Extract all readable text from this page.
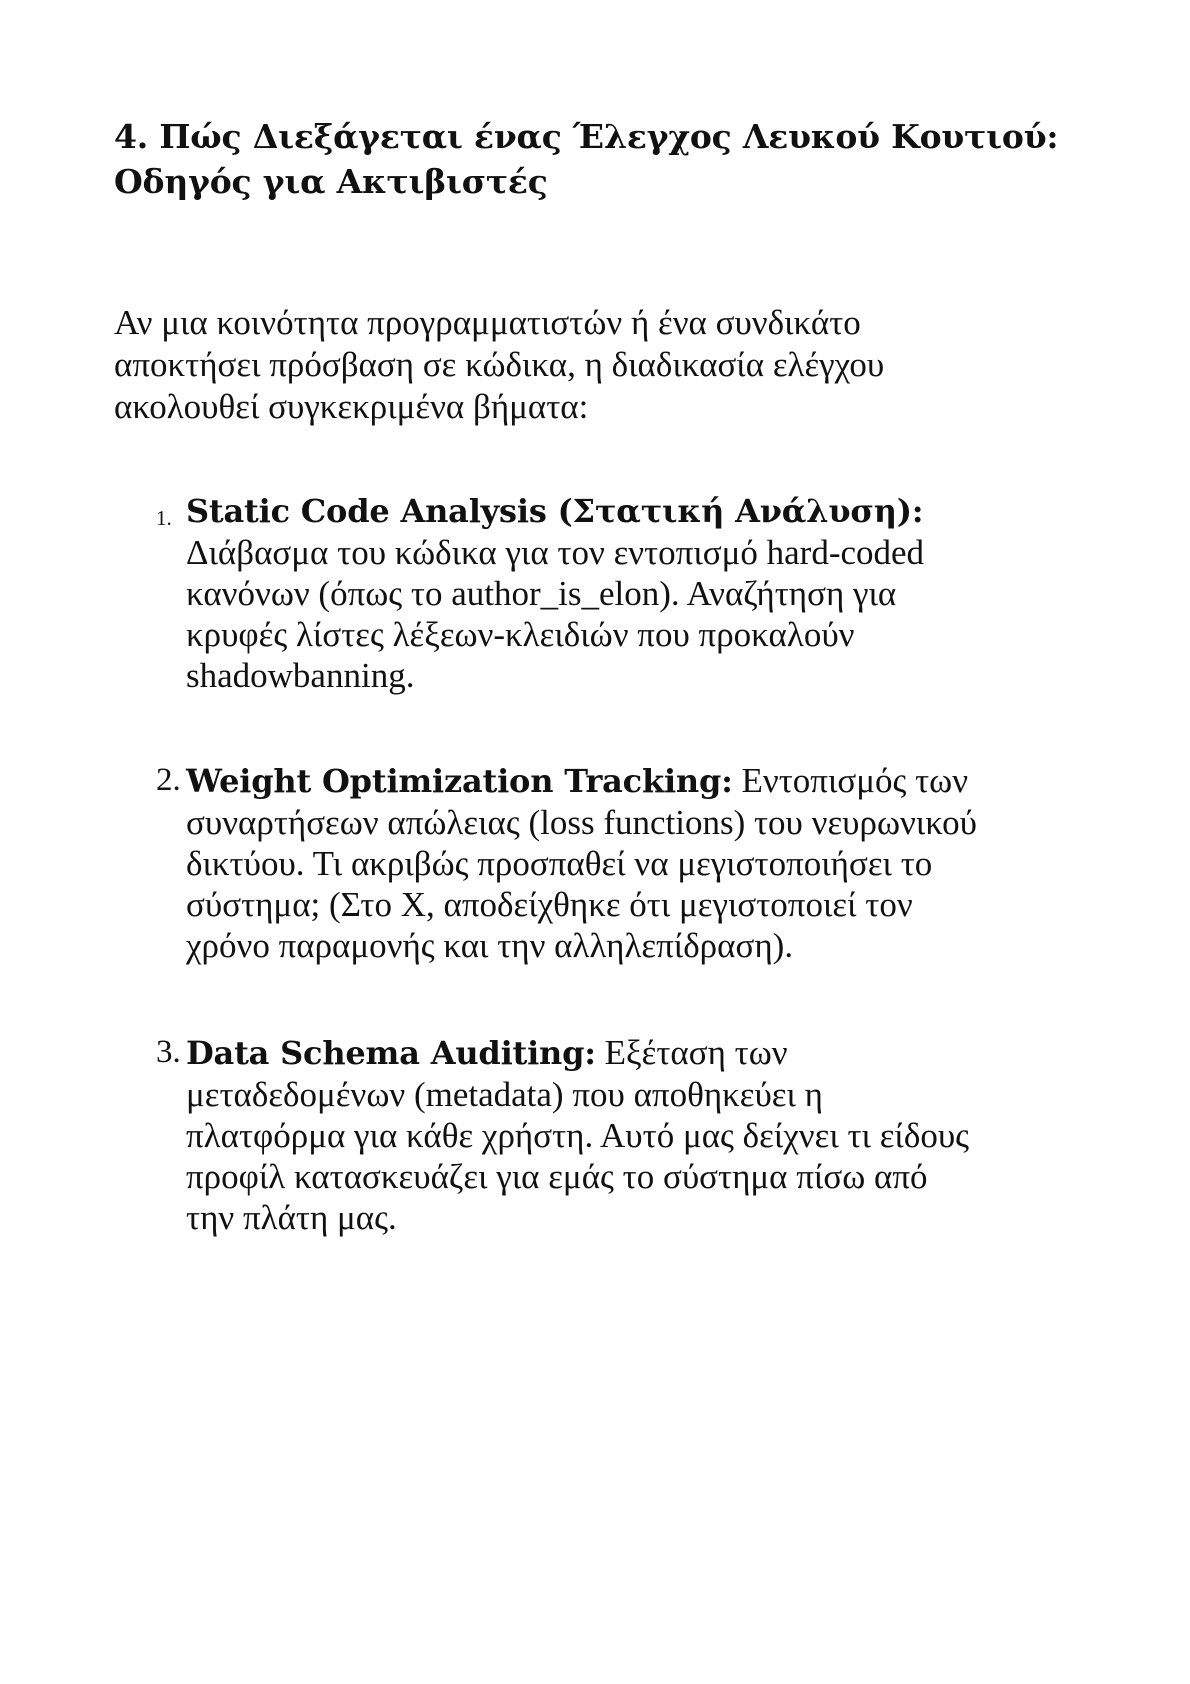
4. Πώς Διεξάγεται ένας Έλεγχος Λευκού Κουτιού:
Οδηγός για Ακτιβιστές

Αν μια κοινότητα προγραμματιστών ή ένα συνδικάτο
αποκτήσει πρόσβαση σε κώδικα, η διαδικασία ελέγχου
ακολουθεί συγκεκριμένα βήματα:

1. Static Code Analysis (Στατική Ανάλυση):
Διάβασμα του κώδικα για τον εντοπισμό hard-coded
κανόνων (όπως το author_is_elon). Αναζήτηση για
κρυφές λίστες λέξεων-κλειδιών που προκαλούν
shadowbanning.
2. Weight Optimization Tracking: Εντοπισμός των
συναρτήσεων απώλειας (loss functions) του νευρωνικού
δικτύου. Τι ακριβώς προσπαθεί να μεγιστοποιήσει το
σύστημα; (Στο X, αποδείχθηκε ότι μεγιστοποιεί τον
χρόνο παραμονής και την αλληλεπίδραση).
3. Data Schema Auditing: Εξέταση των
μεταδεδομένων (metadata) που αποθηκεύει η
πλατφόρμα για κάθε χρήστη. Αυτό μας δείχνει τι είδους
προφίλ κατασκευάζει για εμάς το σύστημα πίσω από
την πλάτη μας.
